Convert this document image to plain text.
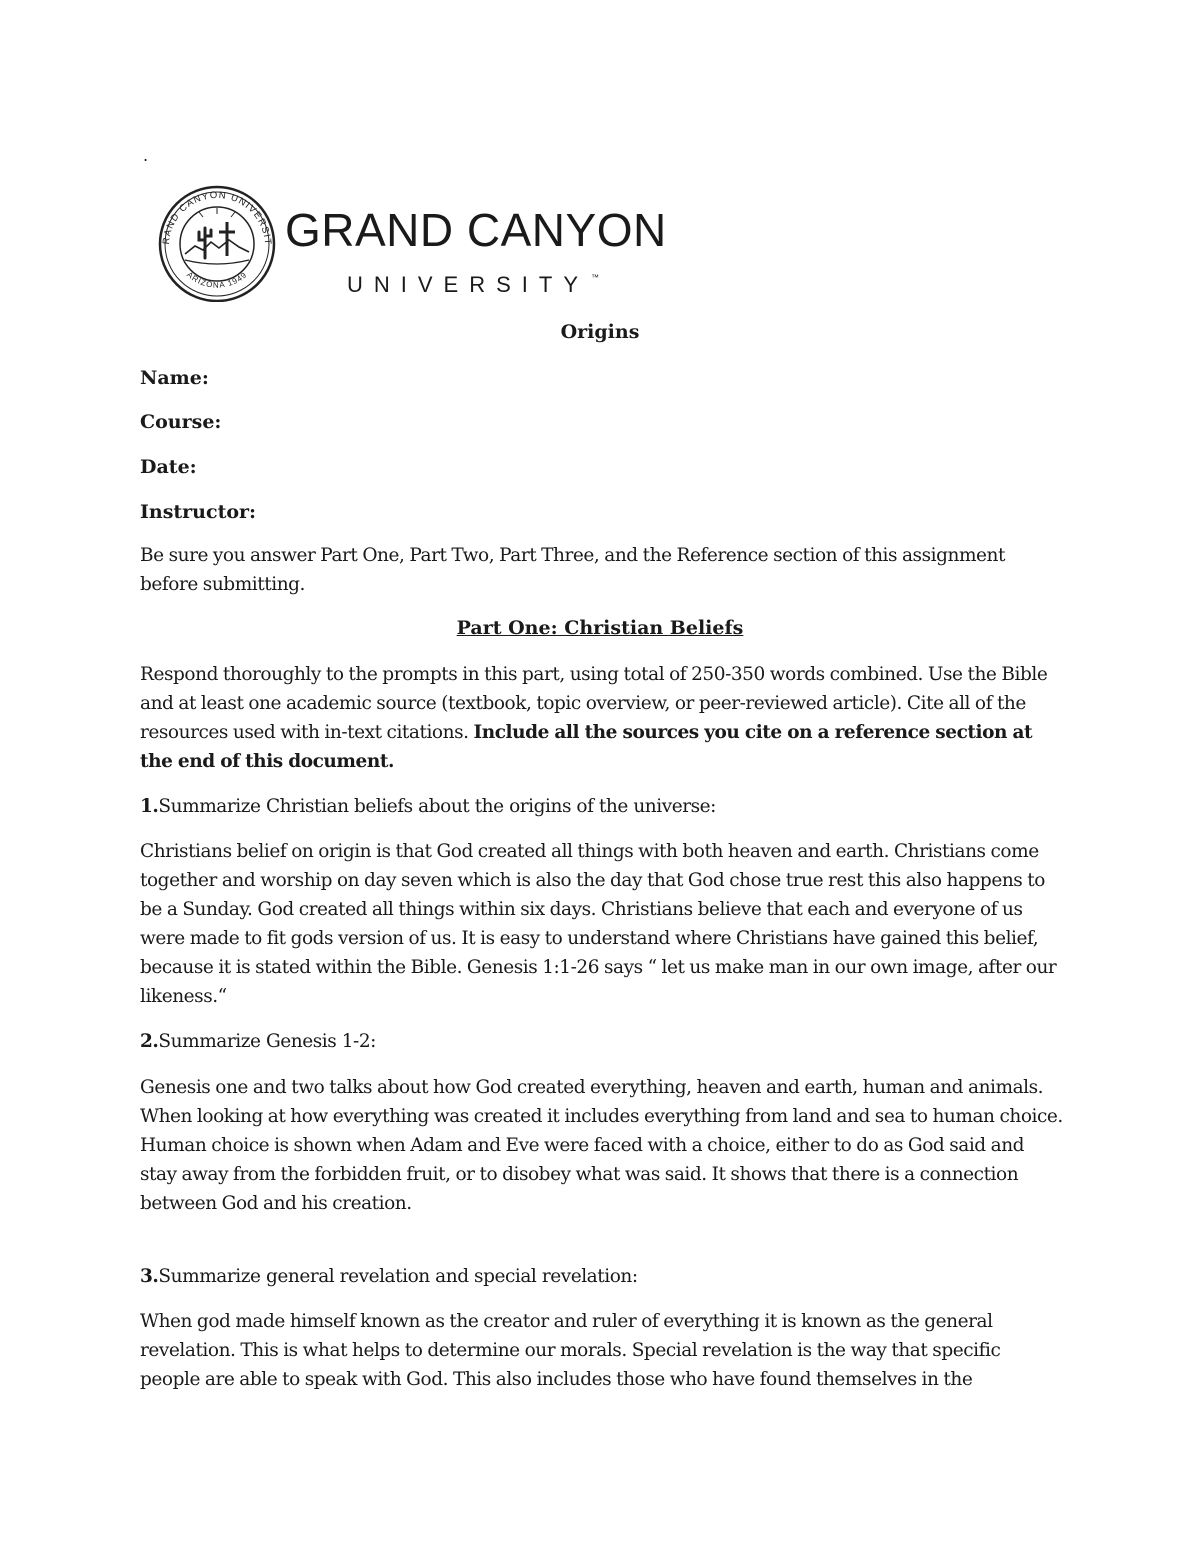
.
RAND CANYON UNIVERSIT
ARIZONA 1949
GRAND CANYON
UNIVERSITY ™
Origins
Name:
Course:
Date:
Instructor:

Be sure you answer Part One, Part Two, Part Three, and the Reference section of this assignment before submitting.

Part One: Christian Beliefs

Respond thoroughly to the prompts in this part, using total of 250-350 words combined. Use the Bible and at least one academic source (textbook, topic overview, or peer-reviewed article). Cite all of the resources used with in-text citations. Include all the sources you cite on a reference section at the end of this document.

1.Summarize Christian beliefs about the origins of the universe:

Christians belief on origin is that God created all things with both heaven and earth. Christians come together and worship on day seven which is also the day that God chose true rest this also happens to be a Sunday. God created all things within six days. Christians believe that each and everyone of us were made to fit gods version of us. It is easy to understand where Christians have gained this belief, because it is stated within the Bible. Genesis 1:1-26 says “ let us make man in our own image, after our likeness.“

2.Summarize Genesis 1-2:

Genesis one and two talks about how God created everything, heaven and earth, human and animals. When looking at how everything was created it includes everything from land and sea to human choice. Human choice is shown when Adam and Eve were faced with a choice, either to do as God said and stay away from the forbidden fruit, or to disobey what was said. It shows that there is a connection between God and his creation.

3.Summarize general revelation and special revelation:

When god made himself known as the creator and ruler of everything it is known as the general revelation. This is what helps to determine our morals. Special revelation is the way that specific people are able to speak with God. This also includes those who have found themselves in the
